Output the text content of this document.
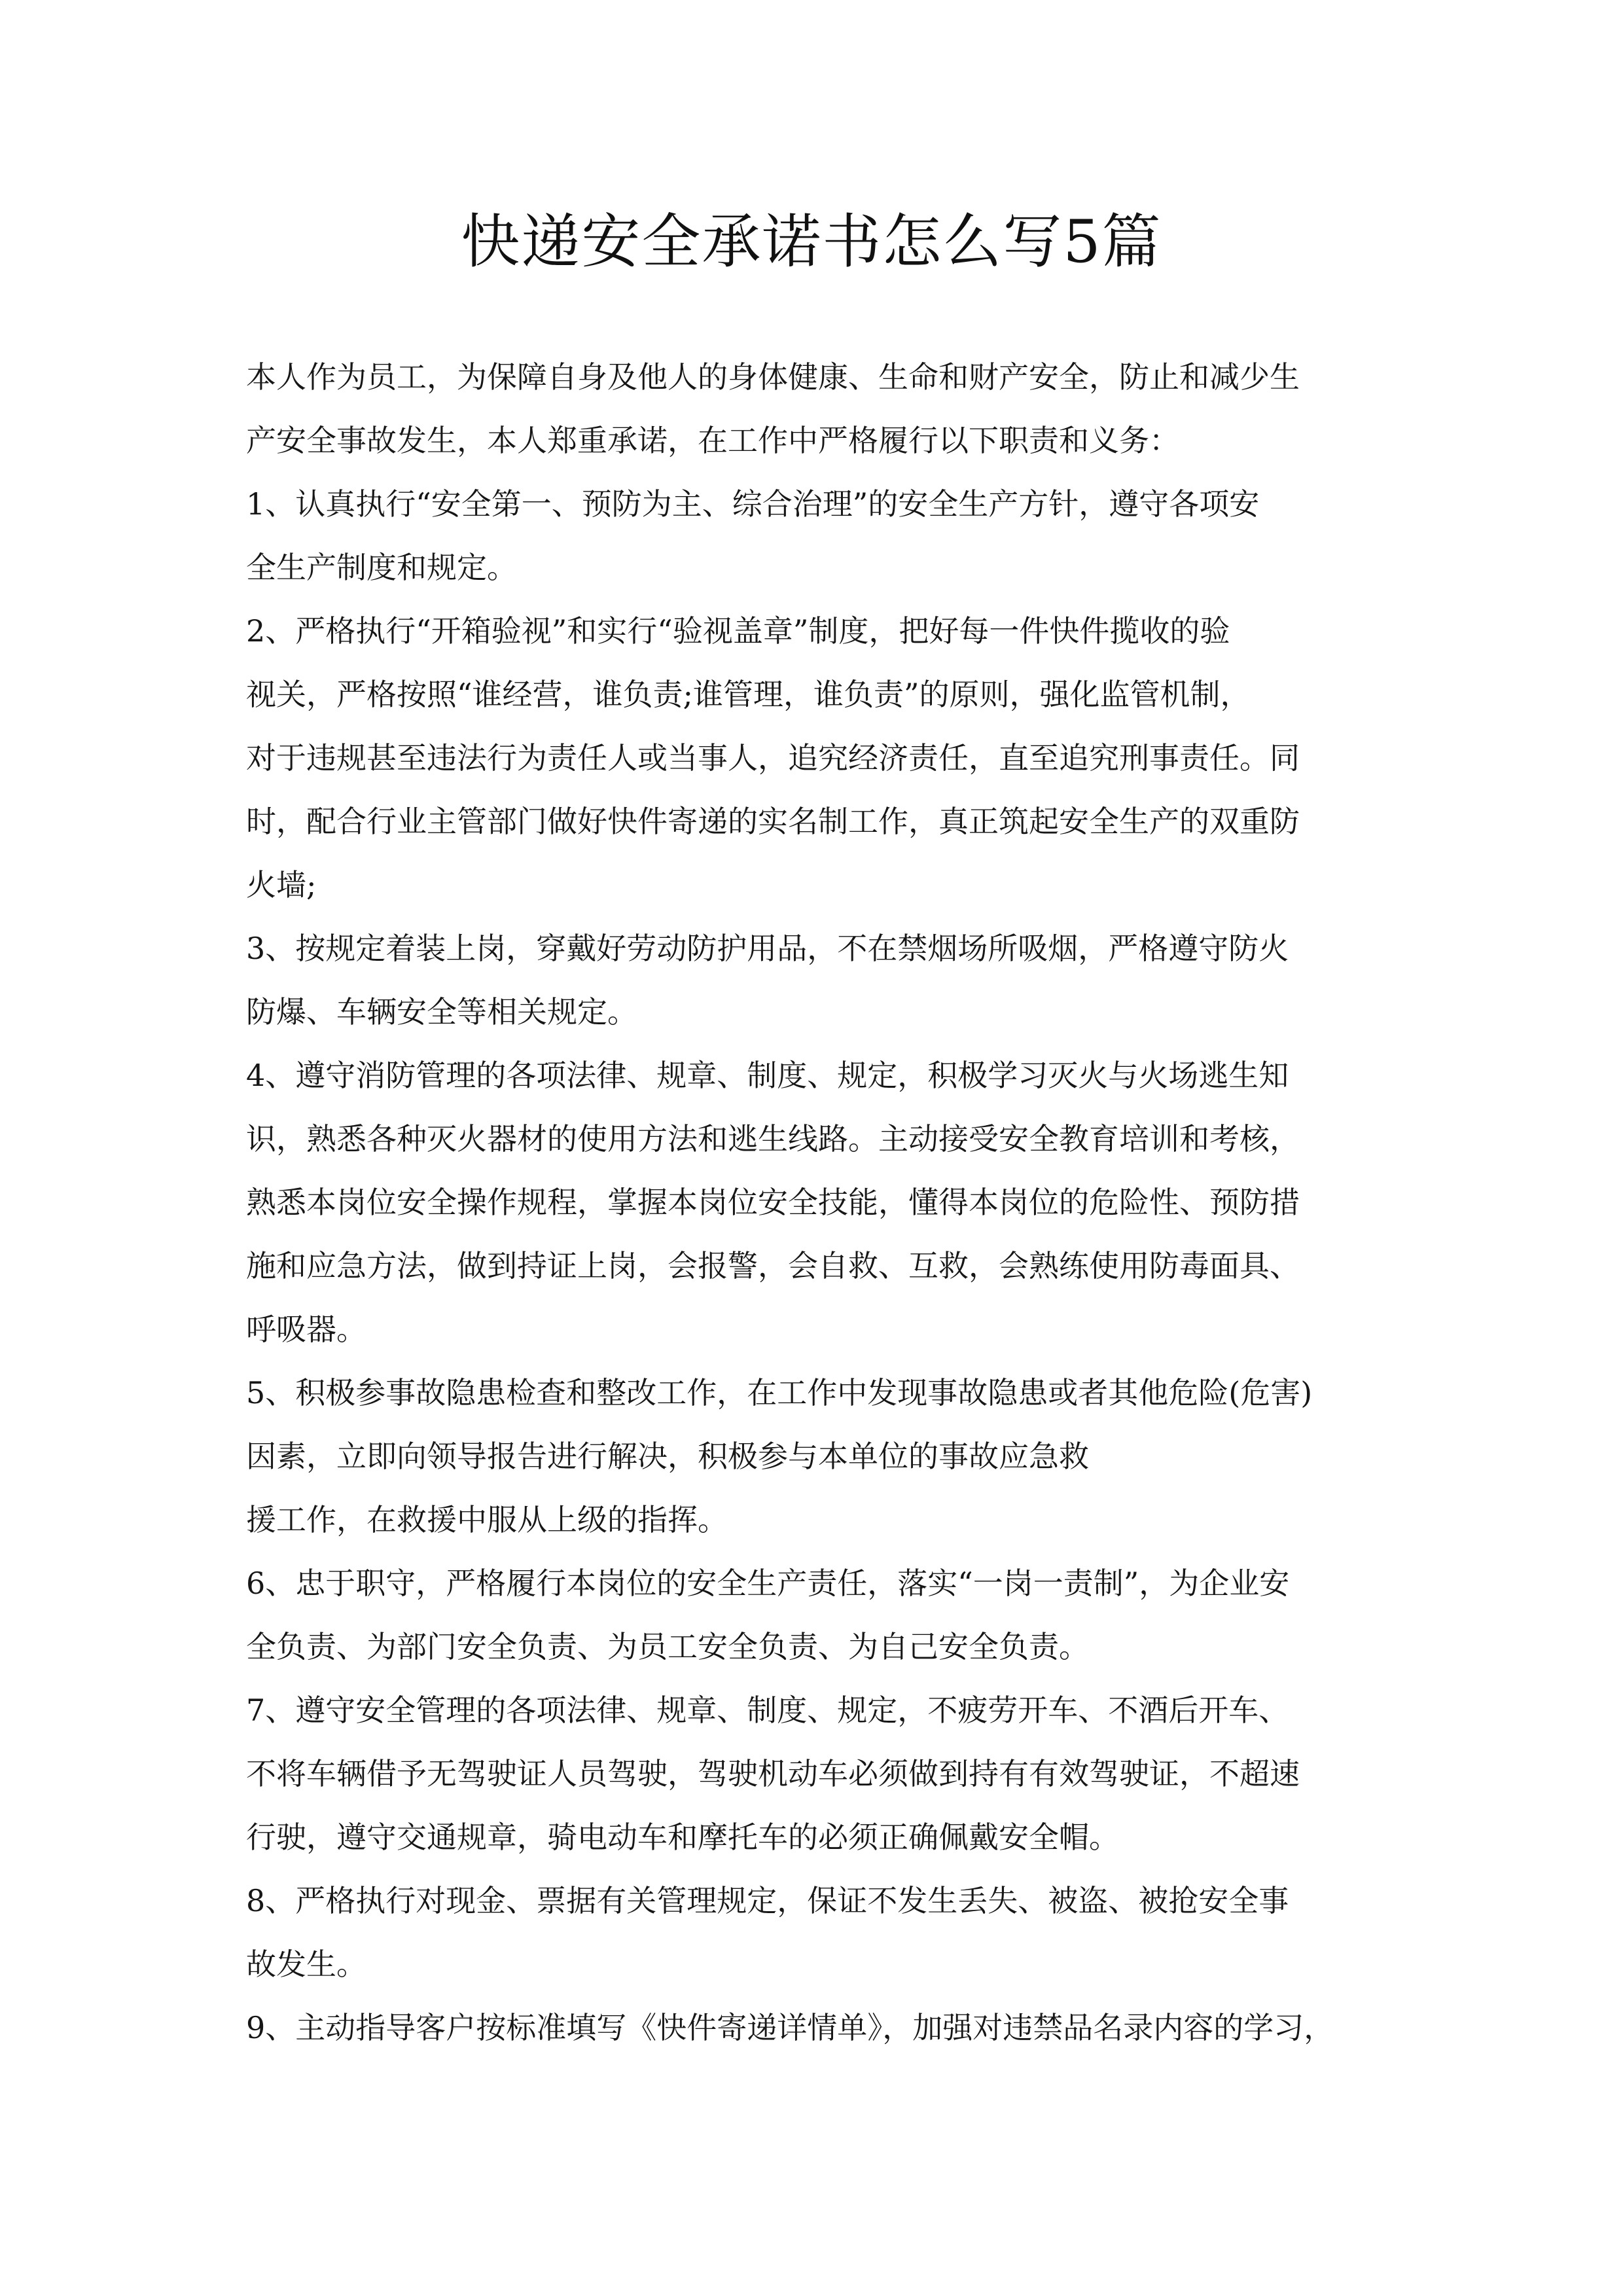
快递安全承诺书怎么写5篇
本人作为员工，为保障自身及他人的身体健康、生命和财产安全，防止和减少生
产安全事故发生，本人郑重承诺，在工作中严格履行以下职责和义务：
1、认真执行“安全第一、预防为主、综合治理”的安全生产方针，遵守各项安
全生产制度和规定。
2、严格执行“开箱验视”和实行“验视盖章”制度，把好每一件快件揽收的验
视关，严格按照“谁经营，谁负责;谁管理，谁负责”的原则，强化监管机制，
对于违规甚至违法行为责任人或当事人，追究经济责任，直至追究刑事责任。同
时，配合行业主管部门做好快件寄递的实名制工作，真正筑起安全生产的双重防
火墙;
3、按规定着装上岗，穿戴好劳动防护用品，不在禁烟场所吸烟，严格遵守防火
防爆、车辆安全等相关规定。
4、遵守消防管理的各项法律、规章、制度、规定，积极学习灭火与火场逃生知
识，熟悉各种灭火器材的使用方法和逃生线路。主动接受安全教育培训和考核，
熟悉本岗位安全操作规程，掌握本岗位安全技能，懂得本岗位的危险性、预防措
施和应急方法，做到持证上岗，会报警，会自救、互救，会熟练使用防毒面具、
呼吸器。
5、积极参事故隐患检查和整改工作，在工作中发现事故隐患或者其他危险(危害)
因素，立即向领导报告进行解决，积极参与本单位的事故应急救
援工作，在救援中服从上级的指挥。
6、忠于职守，严格履行本岗位的安全生产责任，落实“一岗一责制”，为企业安
全负责、为部门安全负责、为员工安全负责、为自己安全负责。
7、遵守安全管理的各项法律、规章、制度、规定，不疲劳开车、不酒后开车、
不将车辆借予无驾驶证人员驾驶，驾驶机动车必须做到持有有效驾驶证，不超速
行驶，遵守交通规章，骑电动车和摩托车的必须正确佩戴安全帽。
8、严格执行对现金、票据有关管理规定，保证不发生丢失、被盗、被抢安全事
故发生。
9、主动指导客户按标准填写《快件寄递详情单》，加强对违禁品名录内容的学习，
